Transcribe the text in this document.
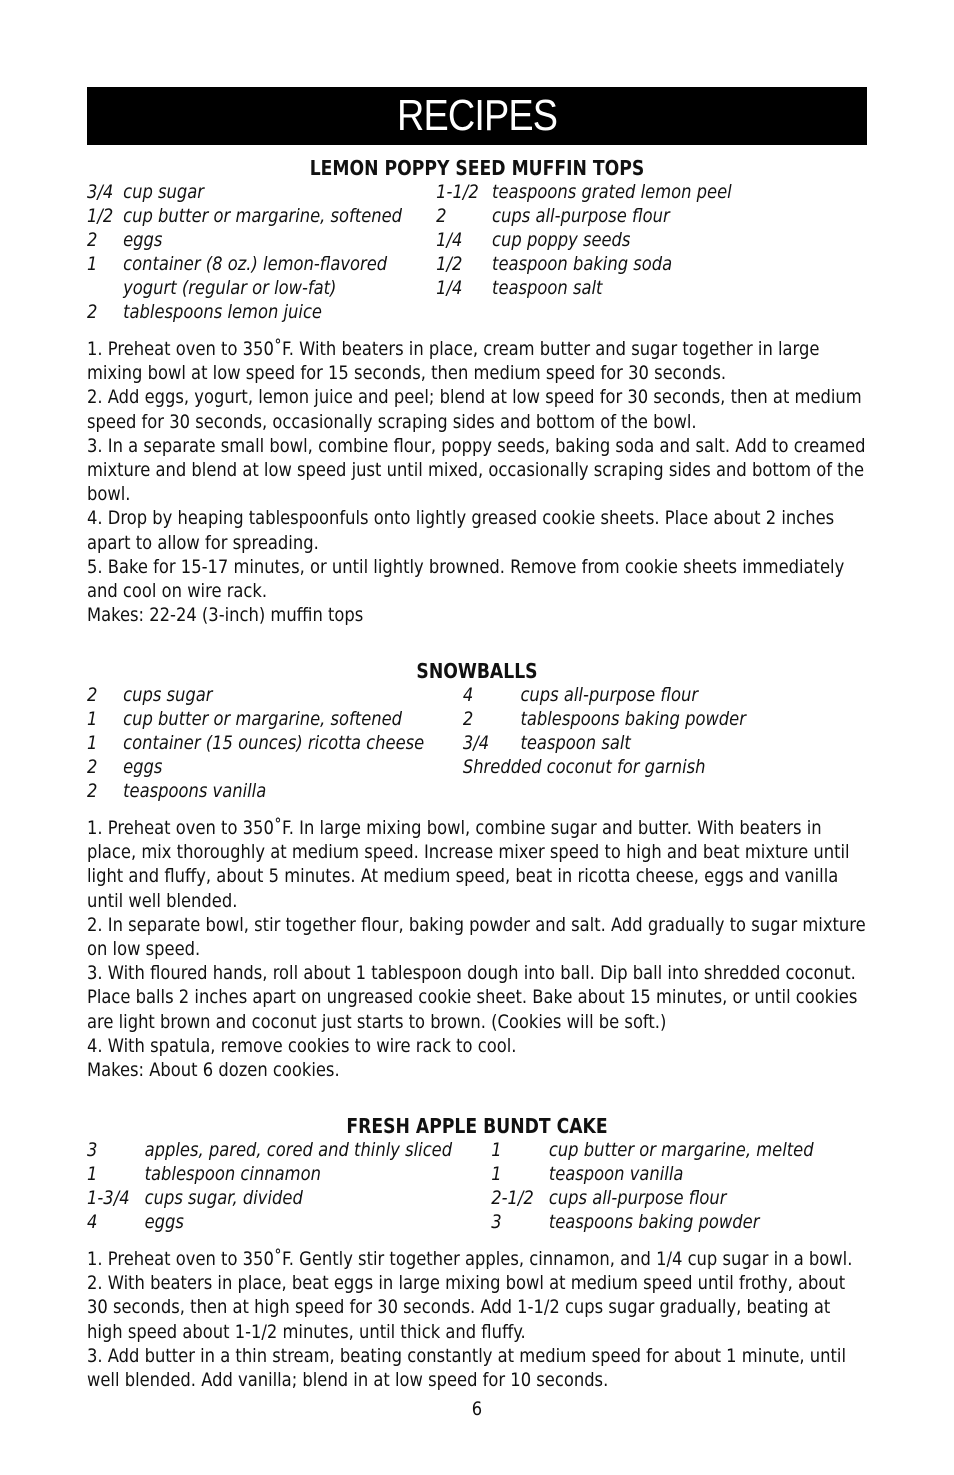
RECIPES
LEMON POPPY SEED MUFFIN TOPS
3/4 cup sugar
1/2 cup butter or margarine, softened
2 eggs
1 container (8 oz.) lemon-flavored
yogurt (regular or low-fat)
2 tablespoons lemon juice
1-1/2 teaspoons grated lemon peel
2 cups all-purpose flour
1/4 cup poppy seeds
1/2 teaspoon baking soda
1/4 teaspoon salt

1. Preheat oven to 350˚F. With beaters in place, cream butter and sugar together in large mixing bowl at low speed for 15 seconds, then medium speed for 30 seconds.

2. Add eggs, yogurt, lemon juice and peel; blend at low speed for 30 seconds, then at medium speed for 30 seconds, occasionally scraping sides and bottom of the bowl.

3. In a separate small bowl, combine flour, poppy seeds, baking soda and salt. Add to creamed mixture and blend at low speed just until mixed, occasionally scraping sides and bottom of the bowl.

4. Drop by heaping tablespoonfuls onto lightly greased cookie sheets. Place about 2 inches apart to allow for spreading.

5. Bake for 15-17 minutes, or until lightly browned. Remove from cookie sheets immediately and cool on wire rack.

Makes: 22-24 (3-inch) muffin tops

SNOWBALLS
2 cups sugar
1 cup butter or margarine, softened
1 container (15 ounces) ricotta cheese
2 eggs
2 teaspoons vanilla
4 cups all-purpose flour
2 tablespoons baking powder
3/4 teaspoon salt
Shredded coconut for garnish

1. Preheat oven to 350˚F. In large mixing bowl, combine sugar and butter. With beaters in place, mix thoroughly at medium speed. Increase mixer speed to high and beat mixture until light and fluffy, about 5 minutes. At medium speed, beat in ricotta cheese, eggs and vanilla until well blended.

2. In separate bowl, stir together flour, baking powder and salt. Add gradually to sugar mixture on low speed.

3. With floured hands, roll about 1 tablespoon dough into ball. Dip ball into shredded coconut. Place balls 2 inches apart on ungreased cookie sheet. Bake about 15 minutes, or until cookies are light brown and coconut just starts to brown. (Cookies will be soft.)

4. With spatula, remove cookies to wire rack to cool.

Makes: About 6 dozen cookies.

FRESH APPLE BUNDT CAKE
3 apples, pared, cored and thinly sliced
1 tablespoon cinnamon
1-3/4 cups sugar, divided
4 eggs
1 cup butter or margarine, melted
1 teaspoon vanilla
2-1/2 cups all-purpose flour
3 teaspoons baking powder

1. Preheat oven to 350˚F. Gently stir together apples, cinnamon, and 1/4 cup sugar in a bowl.

2. With beaters in place, beat eggs in large mixing bowl at medium speed until frothy, about 30 seconds, then at high speed for 30 seconds. Add 1-1/2 cups sugar gradually, beating at high speed about 1-1/2 minutes, until thick and fluffy.

3. Add butter in a thin stream, beating constantly at medium speed for about 1 minute, until well blended. Add vanilla; blend in at low speed for 10 seconds.

6
